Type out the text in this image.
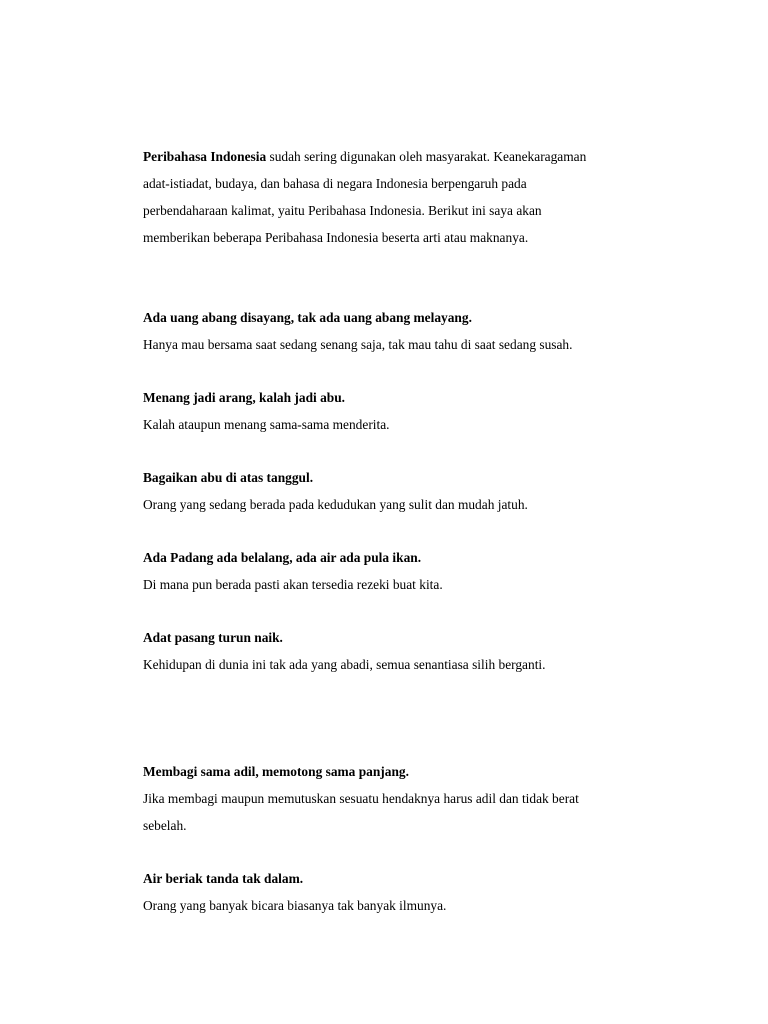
Peribahasa Indonesia sudah sering digunakan oleh masyarakat. Keanekaragaman
adat-istiadat, budaya, dan bahasa di negara Indonesia berpengaruh pada
perbendaharaan kalimat, yaitu Peribahasa Indonesia. Berikut ini saya akan
memberikan beberapa Peribahasa Indonesia beserta arti atau maknanya.
Ada uang abang disayang, tak ada uang abang melayang.
Hanya mau bersama saat sedang senang saja, tak mau tahu di saat sedang susah.
Menang jadi arang, kalah jadi abu.
Kalah ataupun menang sama-sama menderita.
Bagaikan abu di atas tanggul.
Orang yang sedang berada pada kedudukan yang sulit dan mudah jatuh.
Ada Padang ada belalang, ada air ada pula ikan.
Di mana pun berada pasti akan tersedia rezeki buat kita.
Adat pasang turun naik.
Kehidupan di dunia ini tak ada yang abadi, semua senantiasa silih berganti.
Membagi sama adil, memotong sama panjang.
Jika membagi maupun memutuskan sesuatu hendaknya harus adil dan tidak berat
sebelah.
Air beriak tanda tak dalam.
Orang yang banyak bicara biasanya tak banyak ilmunya.
